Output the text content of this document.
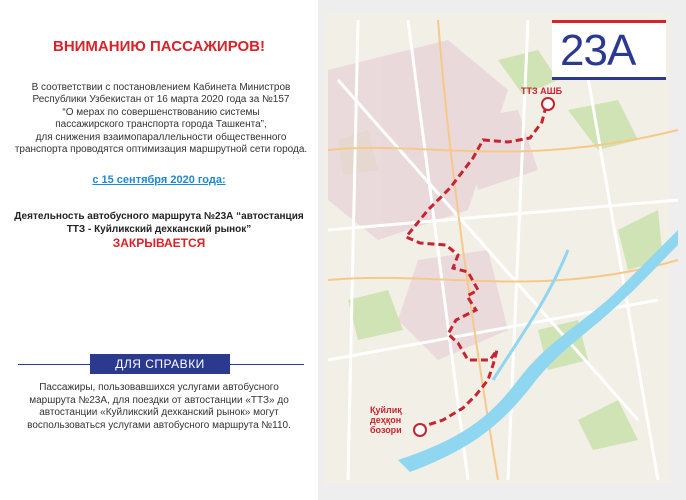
ВНИМАНИЮ ПАССАЖИРОВ!
В соответствии с постановлением Кабинета Министров
Республики Узбекистан от 16 марта 2020 года за №157
“О мерах по совершенствованию системы
пассажирского транспорта города Ташкента”,
для снижения взаимопараллельности общественного
транспорта проводятся оптимизация маршрутной сети города.
с 15 сентября 2020 года:
Деятельность автобусного маршрута №23А “автостанция
ТТЗ - Куйликский дехканский рынок”
ЗАКРЫВАЕТСЯ
ДЛЯ СПРАВКИ
Пассажиры, пользовавшихся услугами автобусного
маршрута №23А, для поездки от автостанции «ТТЗ» до
автостанции «Куйликский дехканский рынок» могут
воспользоваться услугами автобусного маршрута №110.
23А
ТТЗ АШБ
Қуйлиқ
деҳқон
бозори
